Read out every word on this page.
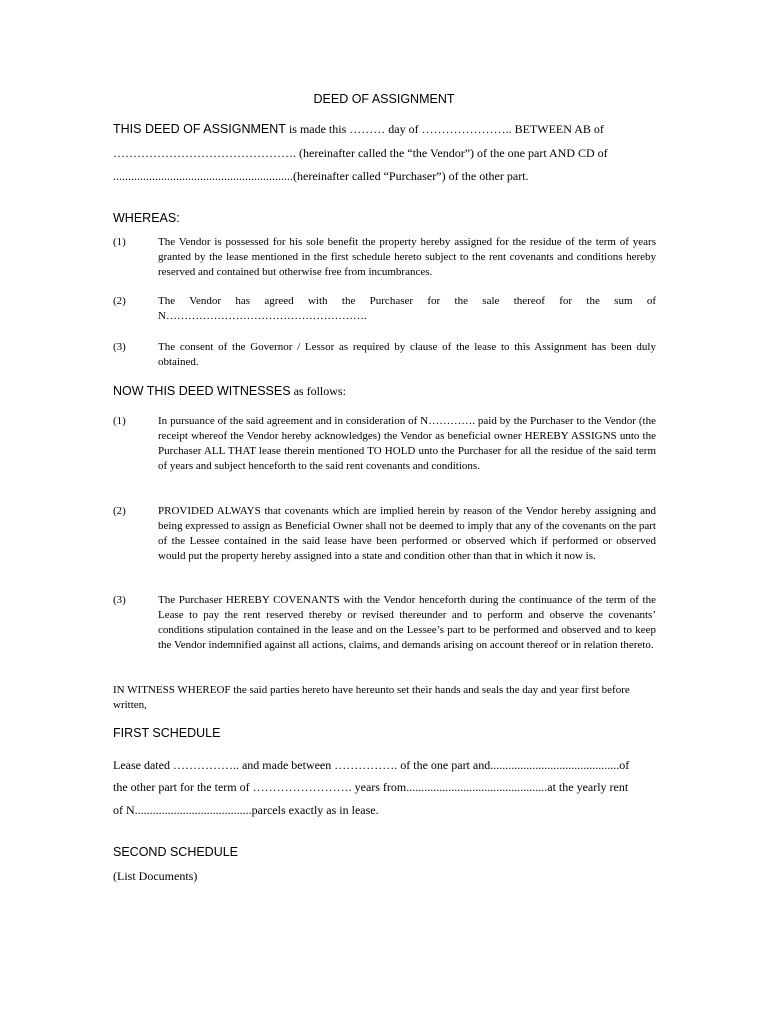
DEED OF ASSIGNMENT
THIS DEED OF ASSIGNMENT is made this ……… day of ………………….. BETWEEN AB of
………………………………………. (hereinafter called the “the Vendor”) of the one part AND CD of
............................................................(hereinafter called “Purchaser”) of the other part.
WHEREAS:
(1)	The Vendor is possessed for his sole benefit the property hereby assigned for the residue of the term of years granted by the lease mentioned in the first schedule hereto subject to the rent covenants and conditions hereby reserved and contained but otherwise free from incumbrances.
(2)	The Vendor has agreed with the Purchaser for the sale thereof for the sum of N……………………………………………….
(3)	The consent of the Governor / Lessor as required by clause of the lease to this Assignment has been duly obtained.
NOW THIS DEED WITNESSES as follows:
(1)	In pursuance of the said agreement and in consideration of N…………. paid by the Purchaser to the Vendor (the receipt whereof the Vendor hereby acknowledges) the Vendor as beneficial owner HEREBY ASSIGNS unto the Purchaser ALL THAT lease therein mentioned TO HOLD unto the Purchaser for all the residue of the said term of years and subject henceforth to the said rent covenants and conditions.
(2)	PROVIDED ALWAYS that covenants which are implied herein by reason of the Vendor hereby assigning and being expressed to assign as Beneficial Owner shall not be deemed to imply that any of the covenants on the part of the Lessee contained in the said lease have been performed or observed which if performed or observed would put the property hereby assigned into a state and condition other than that in which it now is.
(3)	The Purchaser HEREBY COVENANTS with the Vendor henceforth during the continuance of the term of the Lease to pay the rent reserved thereby or revised thereunder and to perform and observe the covenants’ conditions stipulation contained in the lease and on the Lessee’s part to be performed and observed and to keep the Vendor indemnified against all actions, claims, and demands arising on account thereof or in relation thereto.
IN WITNESS WHEREOF the said parties hereto have hereunto set their hands and seals the day and year first before written,
FIRST SCHEDULE
Lease dated …………….. and made between ……………. of the one part and...........................................of
the other part for the term of ……………………. years from...............................................at the yearly rent
of N.......................................parcels exactly as in lease.
SECOND SCHEDULE
(List Documents)
